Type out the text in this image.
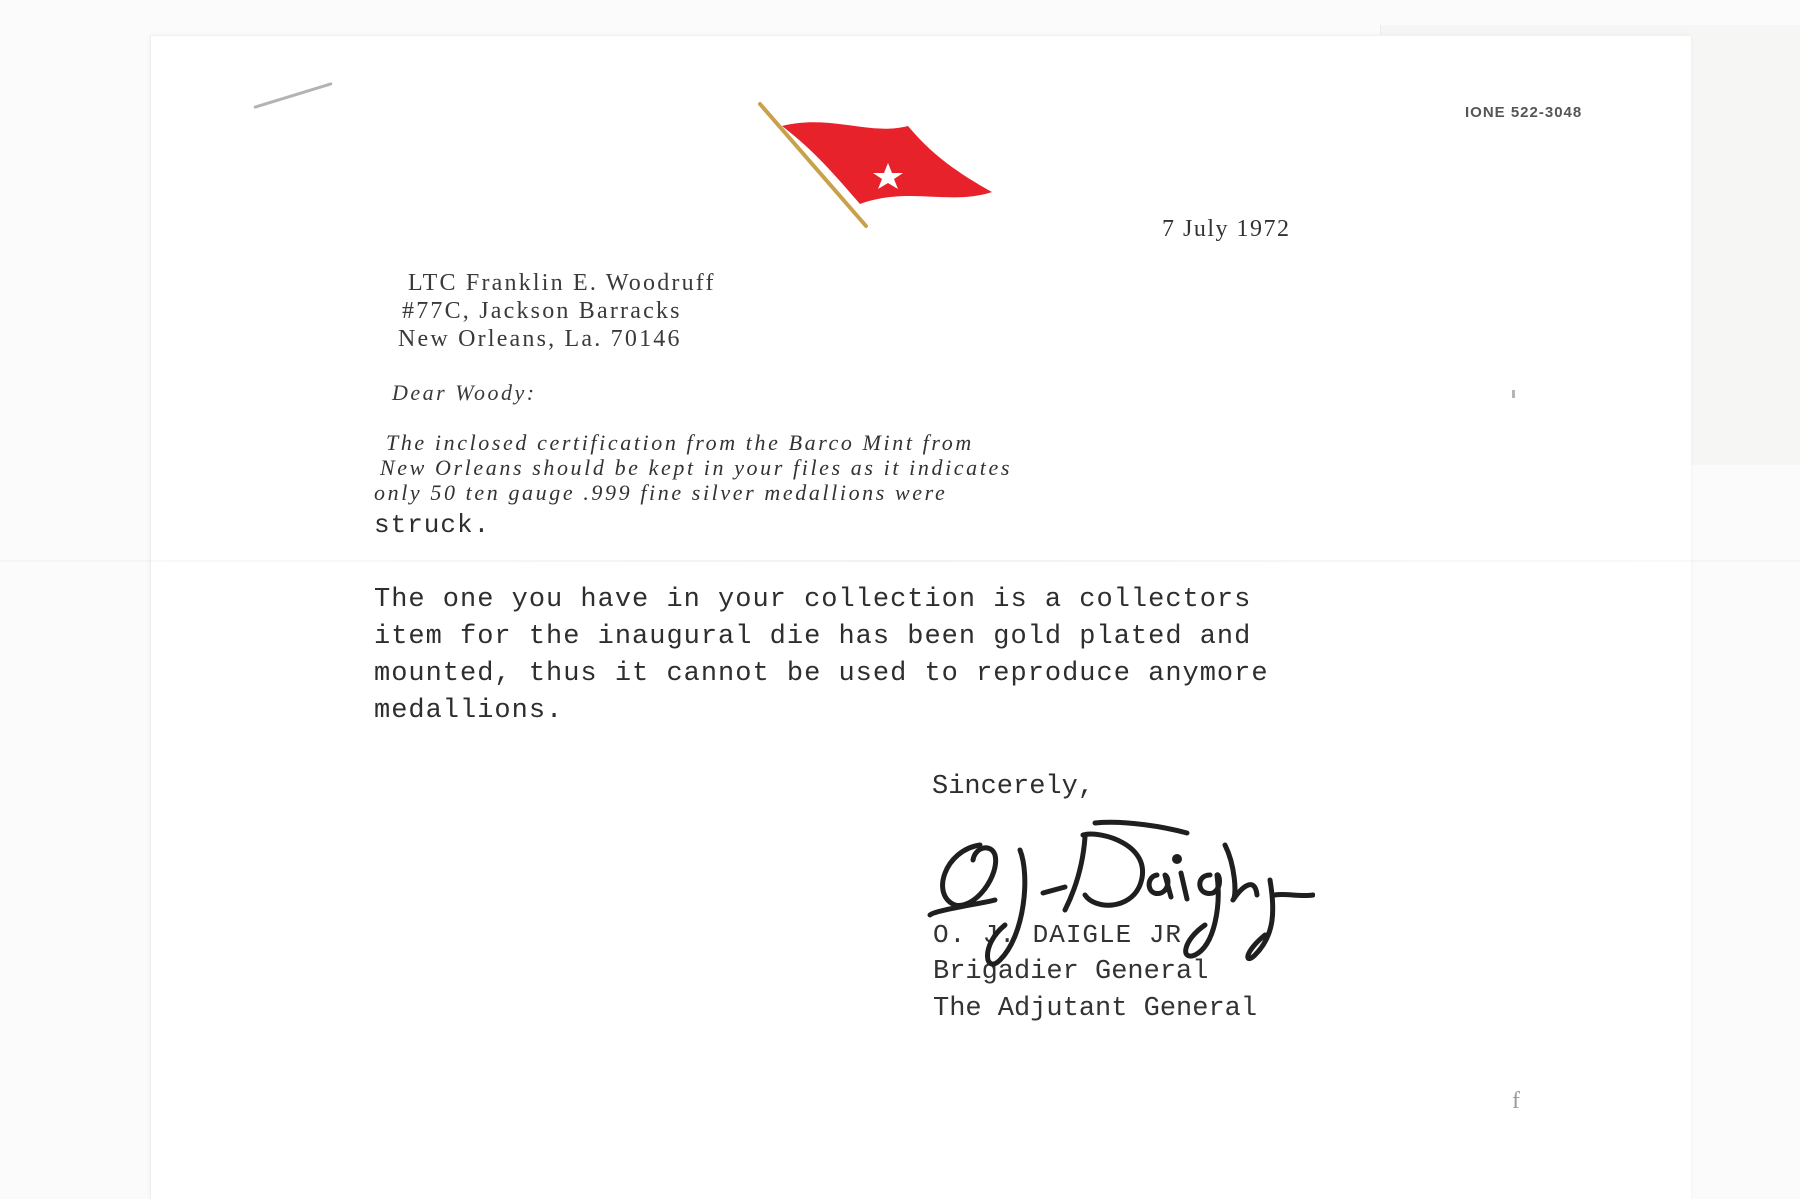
IONE 522-3048
7 July 1972
LTC Franklin E. Woodruff
#77C, Jackson Barracks
New Orleans, La. 70146
Dear Woody:
The inclosed certification from the Barco Mint from
New Orleans should be kept in your files as it indicates
only 50 ten gauge .999 fine silver medallions were
struck.
The one you have in your collection is a collectors
item for the inaugural die has been gold plated and
mounted, thus it cannot be used to reproduce anymore
medallions.
Sincerely,
O. J. DAIGLE JR
Brigadier General
The Adjutant General
f
